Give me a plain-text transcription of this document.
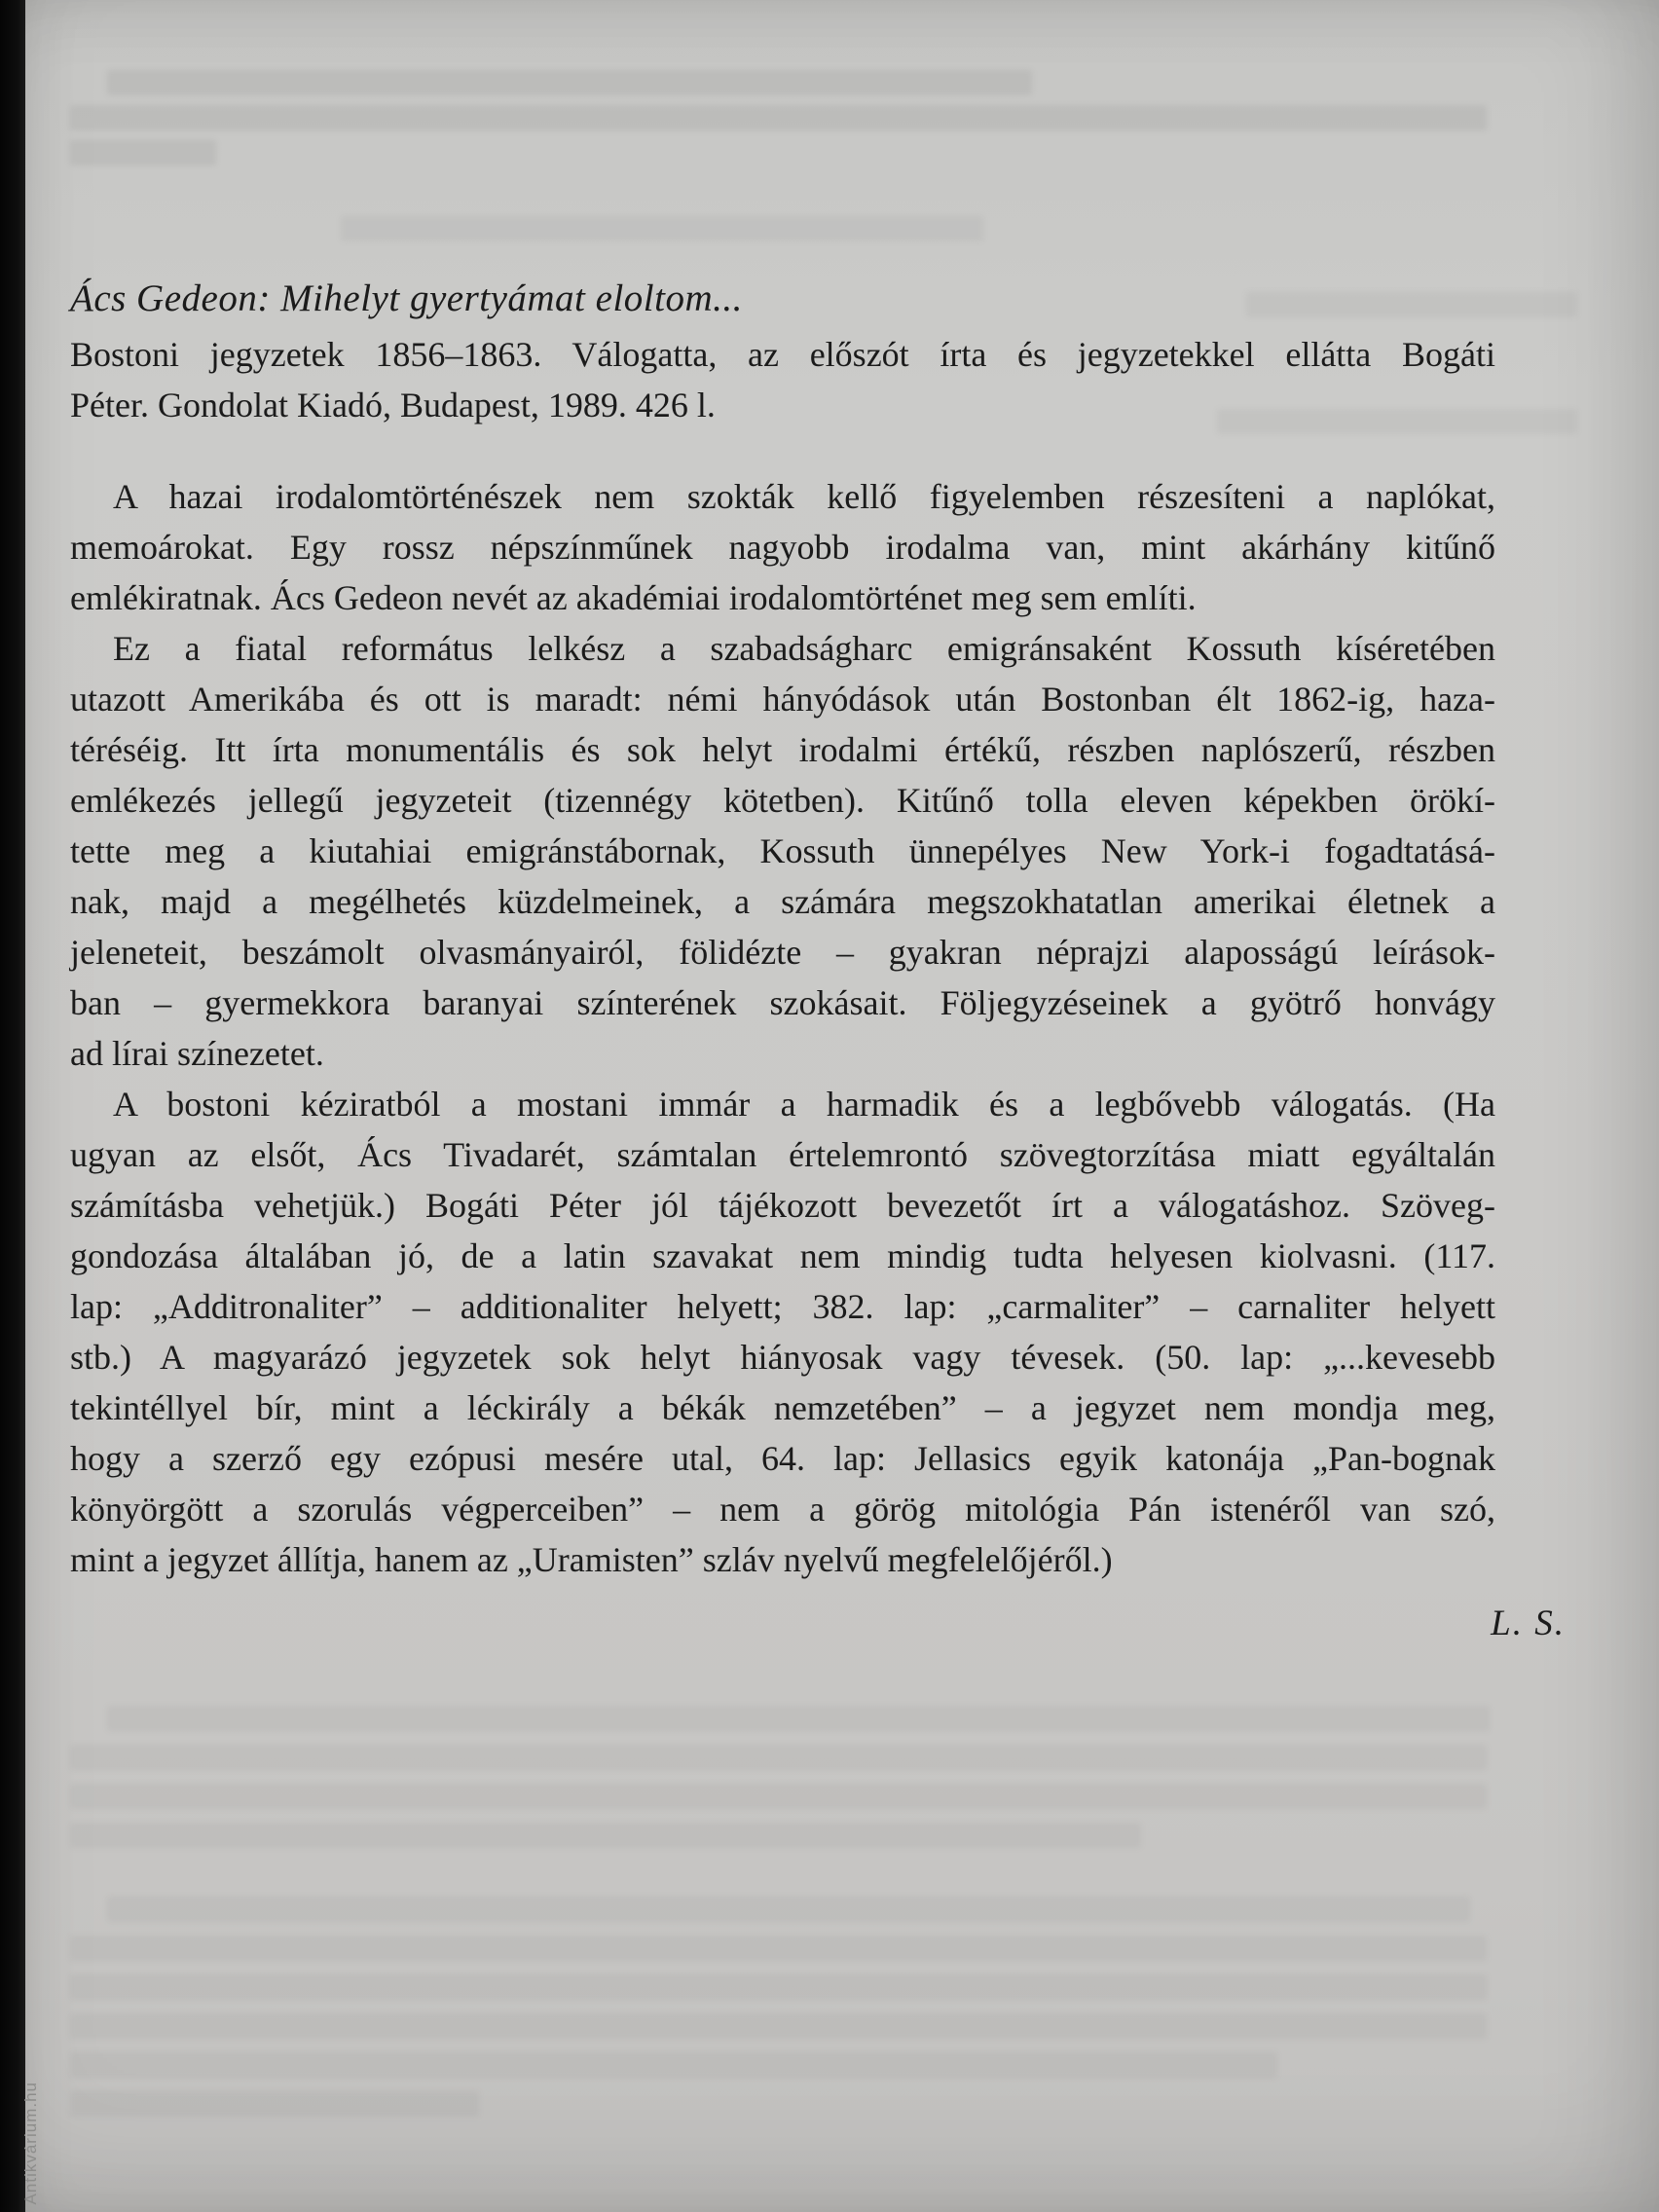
Ács Gedeon: Mihelyt gyertyámat eloltom...
Bostoni jegyzetek 1856–1863. Válogatta, az előszót írta és jegyzetekkel ellátta Bogáti
Péter. Gondolat Kiadó, Budapest, 1989. 426 l.
A hazai irodalomtörténészek nem szokták kellő figyelemben részesíteni a naplókat,
memoárokat. Egy rossz népszínműnek nagyobb irodalma van, mint akárhány kitűnő
emlékiratnak. Ács Gedeon nevét az akadémiai irodalomtörténet meg sem említi.
Ez a fiatal református lelkész a szabadságharc emigránsaként Kossuth kíséretében
utazott Amerikába és ott is maradt: némi hányódások után Bostonban élt 1862-ig, haza-
téréséig. Itt írta monumentális és sok helyt irodalmi értékű, részben naplószerű, részben
emlékezés jellegű jegyzeteit (tizennégy kötetben). Kitűnő tolla eleven képekben örökí-
tette meg a kiutahiai emigránstábornak, Kossuth ünnepélyes New York-i fogadtatásá-
nak, majd a megélhetés küzdelmeinek, a számára megszokhatatlan amerikai életnek a
jeleneteit, beszámolt olvasmányairól, fölidézte – gyakran néprajzi alaposságú leírások-
ban – gyermekkora baranyai színterének szokásait. Följegyzéseinek a gyötrő honvágy
ad lírai színezetet.
A bostoni kéziratból a mostani immár a harmadik és a legbővebb válogatás. (Ha
ugyan az elsőt, Ács Tivadarét, számtalan értelemrontó szövegtorzítása miatt egyáltalán
számításba vehetjük.) Bogáti Péter jól tájékozott bevezetőt írt a válogatáshoz. Szöveg-
gondozása általában jó, de a latin szavakat nem mindig tudta helyesen kiolvasni. (117.
lap: „Additronaliter” – additionaliter helyett; 382. lap: „carmaliter” – carnaliter helyett
stb.) A magyarázó jegyzetek sok helyt hiányosak vagy tévesek. (50. lap: „...kevesebb
tekintéllyel bír, mint a léckirály a békák nemzetében” – a jegyzet nem mondja meg,
hogy a szerző egy ezópusi mesére utal, 64. lap: Jellasics egyik katonája „Pan-bognak
könyörgött a szorulás végperceiben” – nem a görög mitológia Pán istenéről van szó,
mint a jegyzet állítja, hanem az „Uramisten” szláv nyelvű megfelelőjéről.)
L. S.
Antikvárium.hu
